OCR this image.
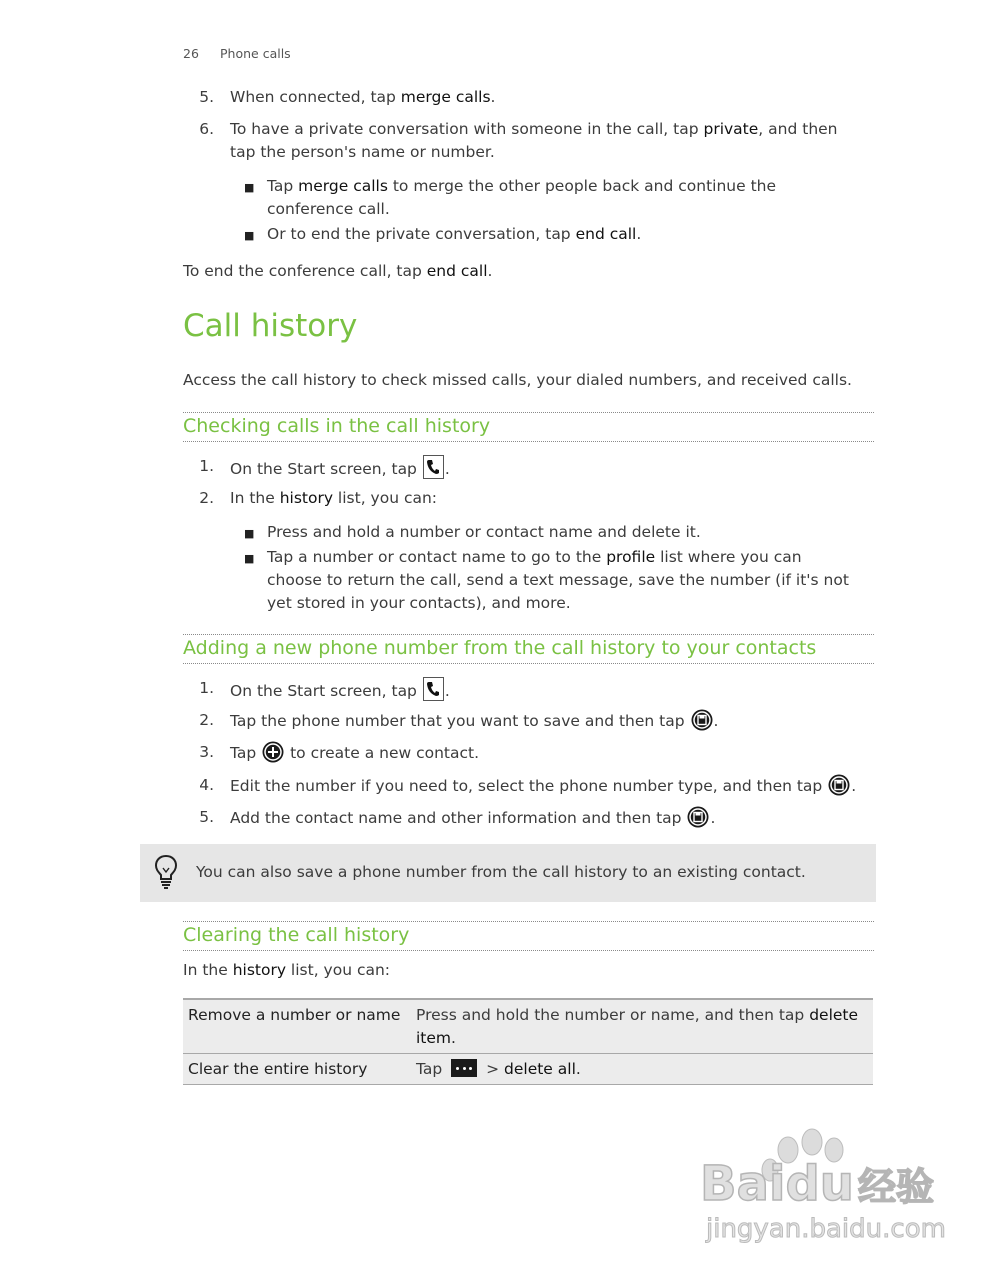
26 Phone calls
5. When connected, tap merge calls.
6. To have a private conversation with someone in the call, tap private, and then
tap the person's name or number.
■ Tap merge calls to merge the other people back and continue the
conference call.
■ Or to end the private conversation, tap end call.
To end the conference call, tap end call.
Call history
Access the call history to check missed calls, your dialed numbers, and received calls.
Checking calls in the call history
1. On the Start screen, tap
.
2. In the history list, you can:
■ Press and hold a number or contact name and delete it.
■ Tap a number or contact name to go to the profile list where you can
choose to return the call, send a text message, save the number (if it's not
yet stored in your contacts), and more.
Adding a new phone number from the call history to your contacts
1. On the Start screen, tap
.
2. Tap the phone number that you want to save and then tap .
3. Tap  to create a new contact.
4. Edit the number if you need to, select the phone number type, and then tap .
5. Add the contact name and other information and then tap .
You can also save a phone number from the call history to an existing contact.
Clearing the call history
In the history list, you can:
Remove a number or name	Press and hold the number or name, and then tap delete
item.
Clear the entire history	Tap
> delete all.
Baidu 经验
jingyan.baidu.com
